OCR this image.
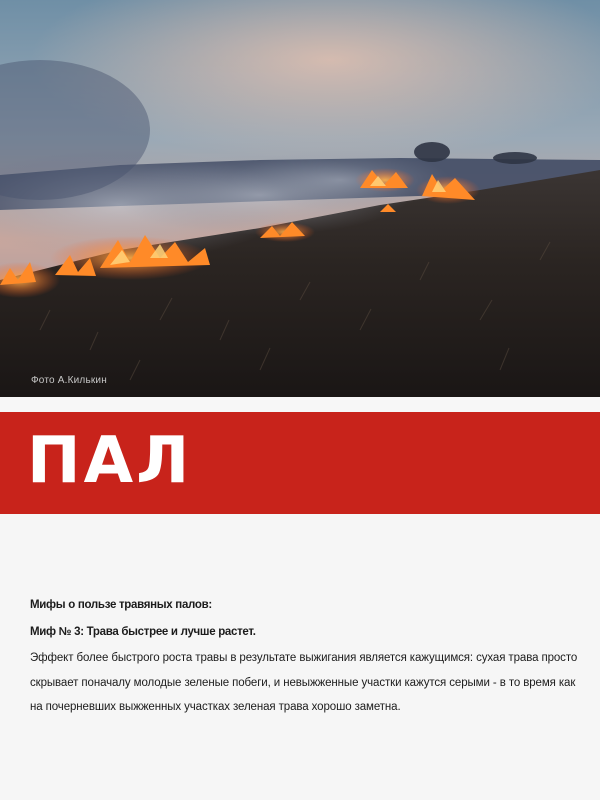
Фото А.Килькин
ПАЛ

Мифы о пользе травяных палов:

Миф № 3: Трава быстрее и лучше растет.

Эффект более быстрого роста травы в результате выжигания является кажущимся: сухая трава просто скрывает поначалу молодые зеленые побеги, и невыжженные участки кажутся серыми - в то время как на почерневших выжженных участках зеленая трава хорошо заметна.
